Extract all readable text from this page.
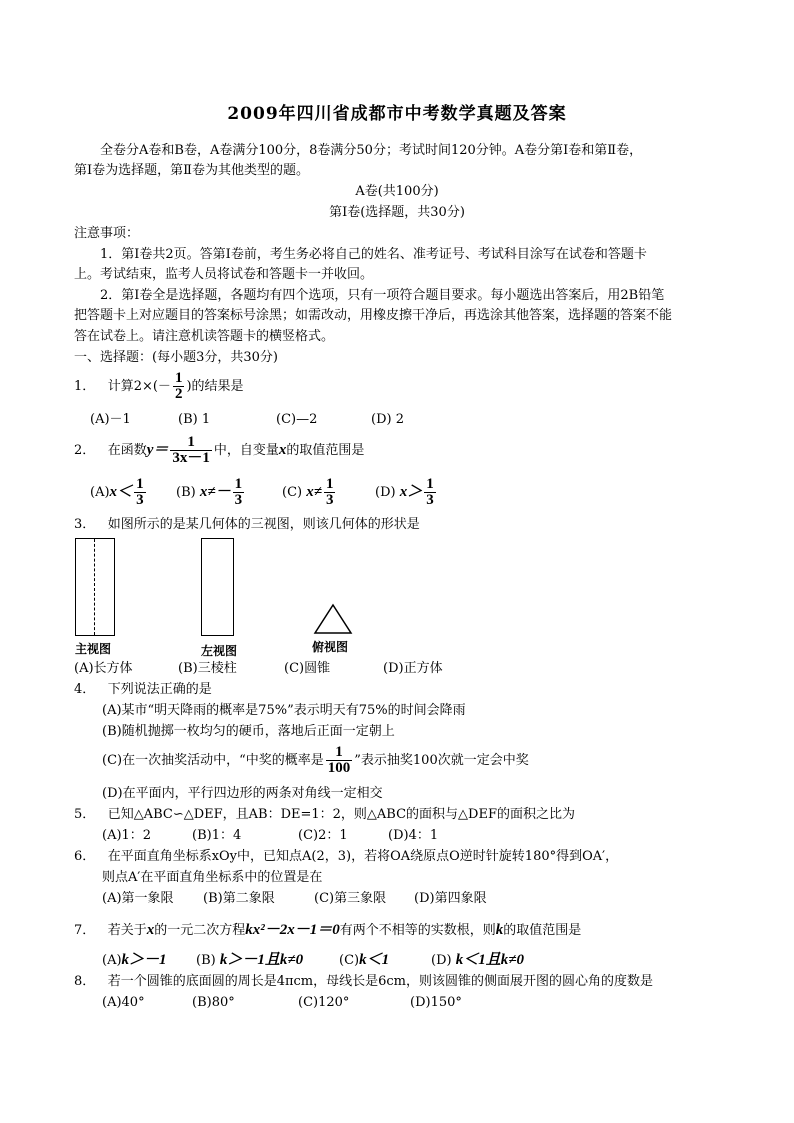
2009年四川省成都市中考数学真题及答案
全卷分A卷和B卷，A卷满分100分，8卷满分50分；考试时间120分钟。A卷分第Ⅰ卷和第Ⅱ卷，
第Ⅰ卷为选择题，第Ⅱ卷为其他类型的题。
A卷(共100分)
第Ⅰ卷(选择题，共30分)
注意事项：
1．第Ⅰ卷共2页。答第Ⅰ卷前，考生务必将自己的姓名、准考证号、考试科目涂写在试卷和答题卡
上。考试结束，监考人员将试卷和答题卡一并收回。
2．第Ⅰ卷全是选择题，各题均有四个选项，只有一项符合题目要求。每小题选出答案后，用2B铅笔
把答题卡上对应题目的答案标号涂黑；如需改动，用橡皮擦干净后，再选涂其他答案，选择题的答案不能
答在试卷上。请注意机读答题卡的横竖格式。
一、选择题：(每小题3分，共30分)
1． 计算$2\times(- \frac{1}{2}$ )的结果是
(A)－1	(B) 1	(C)—2	(D) 2
2． 在函数$y= \frac{1}{3x-1}$ 中，自变量x的取值范围是
$(A)x< \frac{1}{3} (B)$ $x\ne- \frac{1}{3}$	(C) $x\ne \frac{1}{3}$	(D) $x> \frac{1}{3}$
3． 如图所示的是某几何体的三视图，则该几何体的形状是
主视图	左视图	俯视图
(A)长方体	(B)三棱柱	(C)圆锥	(D)正方体
4． 下列说法正确的是
(A)某市“明天降雨的概率是75%”表示明天有75%的时间会降雨
(B)随机抛掷一枚均匀的硬币，落地后正面一定朝上
(C)在一次抽奖活动中，“中奖的概率是 $\frac{1}{100}$ ”表示抽奖100次就一定会中奖
(D)在平面内，平行四边形的两条对角线一定相交
5． 已知△ABC∽△DEF，且AB：DE=1：2，则△ABC的面积与△DEF的面积之比为
(A)1：2	(B)1：4	(C)2：1	(D)4：1
6． 在平面直角坐标系xOy中，已知点A(2，3)，若将OA绕原点O逆时针旋转180°得到OA′，
则点A′在平面直角坐标系中的位置是在
(A)第一象限 (B)第二象限	(C)第三象限 (D)第四象限
7． 若关于x的一元二次方程kx²－2x－1＝0有两个不相等的实数根，则k的取值范围是
(A)k＞－1 (B) k＞－1且k≠0	(C)k＜1	(D) k＜1且k≠0
8． 若一个圆锥的底面圆的周长是4πcm，母线长是6cm，则该圆锥的侧面展开图的圆心角的度数是
(A)40°	(B)80°	(C)120°	(D)150°
